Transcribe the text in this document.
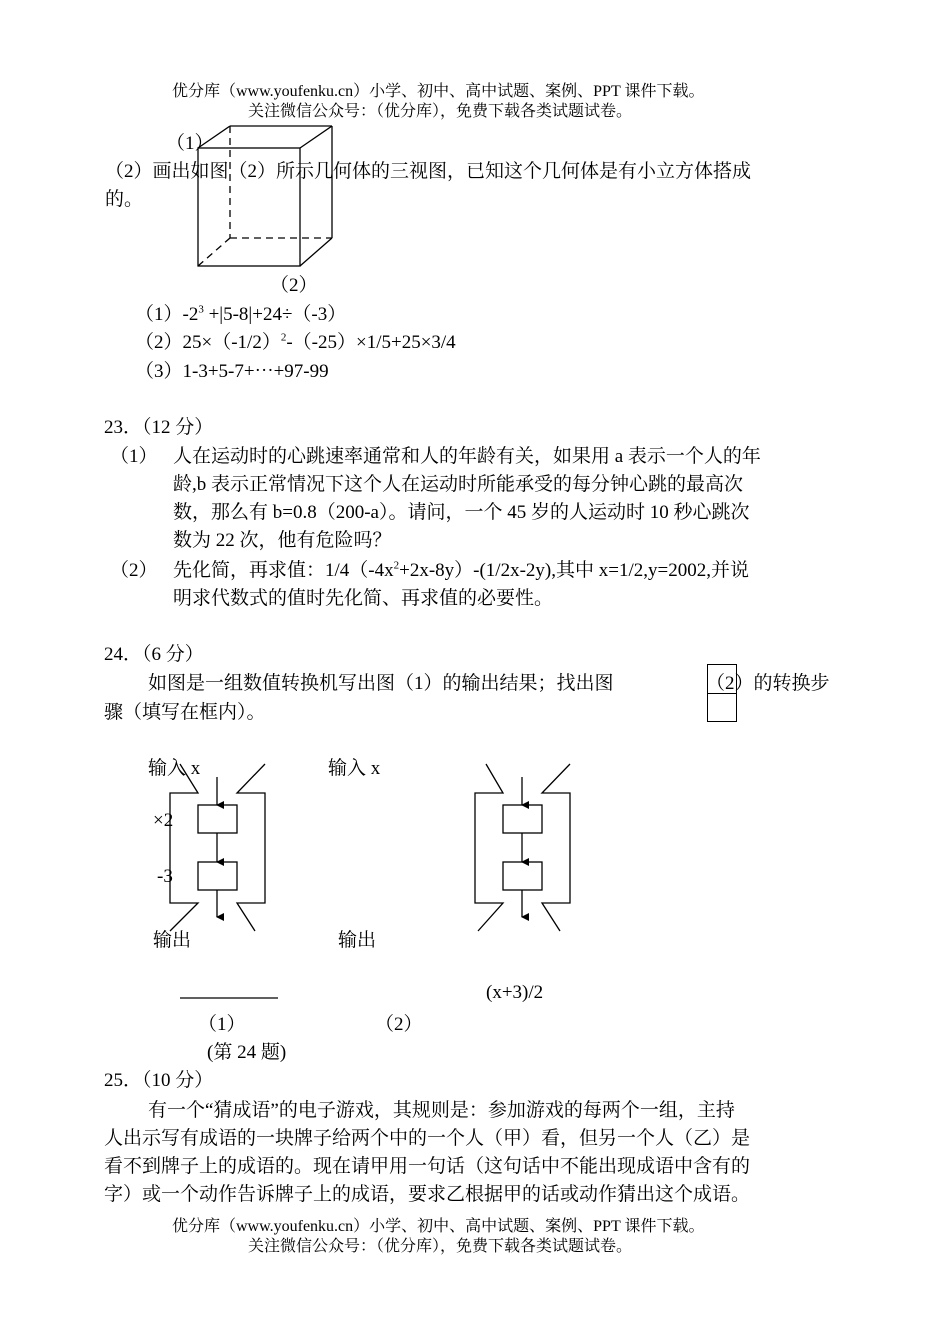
优分库（www.youfenku.cn）小学、初中、高中试题、案例、PPT 课件下载。
关注微信公众号：（优分库），免费下载各类试题试卷。
（1）
（2）画出如图（2）所示几何体的三视图，已知这个几何体是有小立方体搭成
的。
（2）
$(1)-2^3 +|5-8|+24\div(-3)$
$(2)25\times(-1/2)^2-(-25)\times 1/5+25\times 3/4$
（3）1-3+5-7+⋯+97-99
23．（12 分）
（1） 人在运动时的心跳速率通常和人的年龄有关，如果用 a 表示一个人的年
龄,b 表示正常情况下这个人在运动时所能承受的每分钟心跳的最高次
数，那么有 b=0.8（200-a）。请问，一个 45 岁的人运动时 10 秒心跳次
数为 22 次，他有危险吗？
（2） 先化简，再求值：$1/4(-4x^2+2x-8y)-(1/2x-2y)$,其中 x=1/2,y=2002,并说
明求代数式的值时先化简、再求值的必要性。
24．（6 分）
如图是一组数值转换机写出图（1）的输出结果；找出图	（2）的转换步
骤（填写在框内）。
输入 x
×2
-3
输出
输入 x
输出
(x+3)/2
（1）	（2）
(第 24 题)
25．（10 分）
有一个“猜成语”的电子游戏，其规则是：参加游戏的每两个一组，主持
人出示写有成语的一块牌子给两个中的一个人（甲）看，但另一个人（乙）是
看不到牌子上的成语的。现在请甲用一句话（这句话中不能出现成语中含有的
字）或一个动作告诉牌子上的成语，要求乙根据甲的话或动作猜出这个成语。
优分库（www.youfenku.cn）小学、初中、高中试题、案例、PPT 课件下载。
关注微信公众号：（优分库），免费下载各类试题试卷。
